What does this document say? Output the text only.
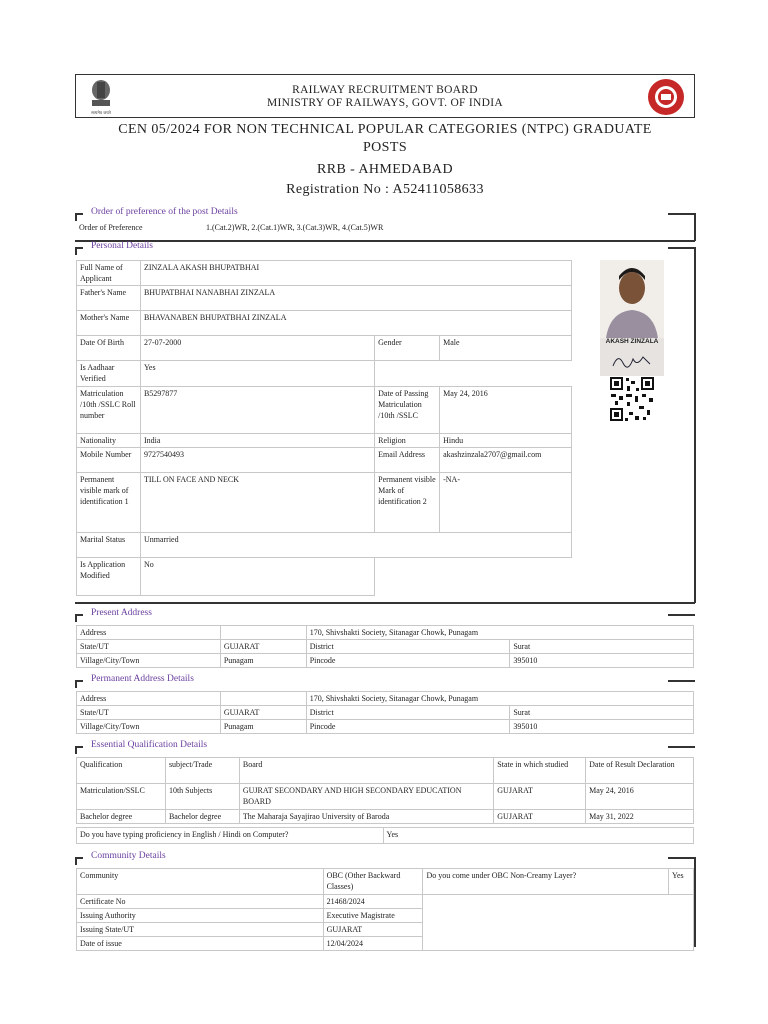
सत्यमेव जयते
RAILWAY RECRUITMENT BOARD
MINISTRY OF RAILWAYS, GOVT. OF INDIA
CEN 05/2024 FOR NON TECHNICAL POPULAR CATEGORIES (NTPC) GRADUATE
POSTS
RRB - AHMEDABAD
Registration No : A52411058633
Order of preference of the post Details
Order of Preference	1.(Cat.2)WR, 2.(Cat.1)WR, 3.(Cat.3)WR, 4.(Cat.5)WR
Personal Details
Full Name of Applicant	ZINZALA AKASH BHUPATBHAI		
Father's Name	BHUPATBHAI NANABHAI ZINZALA		
Mother's Name	BHAVANABEN BHUPATBHAI ZINZALA		
Date Of Birth	27-07-2000	Gender	Male
Is Aadhaar Verified	Yes		
Matriculation /10th /SSLC Roll number	B5297877	Date of Passing Matriculation /10th /SSLC	May 24, 2016
Nationality	India	Religion	Hindu
Mobile Number	9727540493	Email Address	akashzinzala2707@gmail.com
Permanent visible mark of identification 1	TILL ON FACE AND NECK	Permanent visible Mark of identification 2	-NA-
Marital Status	Unmarried		
Is Application Modified	No		
AKASH ZINZALA
Present Address
Address		170, Shivshakti Society, Sitanagar Chowk, Punagam	
State/UT	GUJARAT	District	Surat
Village/City/Town	Punagam	Pincode	395010
Permanent Address Details
Address		170, Shivshakti Society, Sitanagar Chowk, Punagam	
State/UT	GUJARAT	District	Surat
Village/City/Town	Punagam	Pincode	395010
Essential Qualification Details
Qualification	subject/Trade	Board	State in which studied	Date of Result Declaration
Matriculation/SSLC	10th Subjects	GUJRAT SECONDARY AND HIGH SECONDARY EDUCATION BOARD	GUJARAT	May 24, 2016
Bachelor degree	Bachelor degree	The Maharaja Sayajirao University of Baroda	GUJARAT	May 31, 2022
Do you have typing proficiency in English / Hindi on Computer?	Yes
Community Details
Community	OBC (Other Backward Classes)	Do you come under OBC Non-Creamy Layer?	Yes
Certificate No	21468/2024		
Issuing Authority	Executive Magistrate		
Issuing State/UT	GUJARAT		
Date of issue	12/04/2024		
